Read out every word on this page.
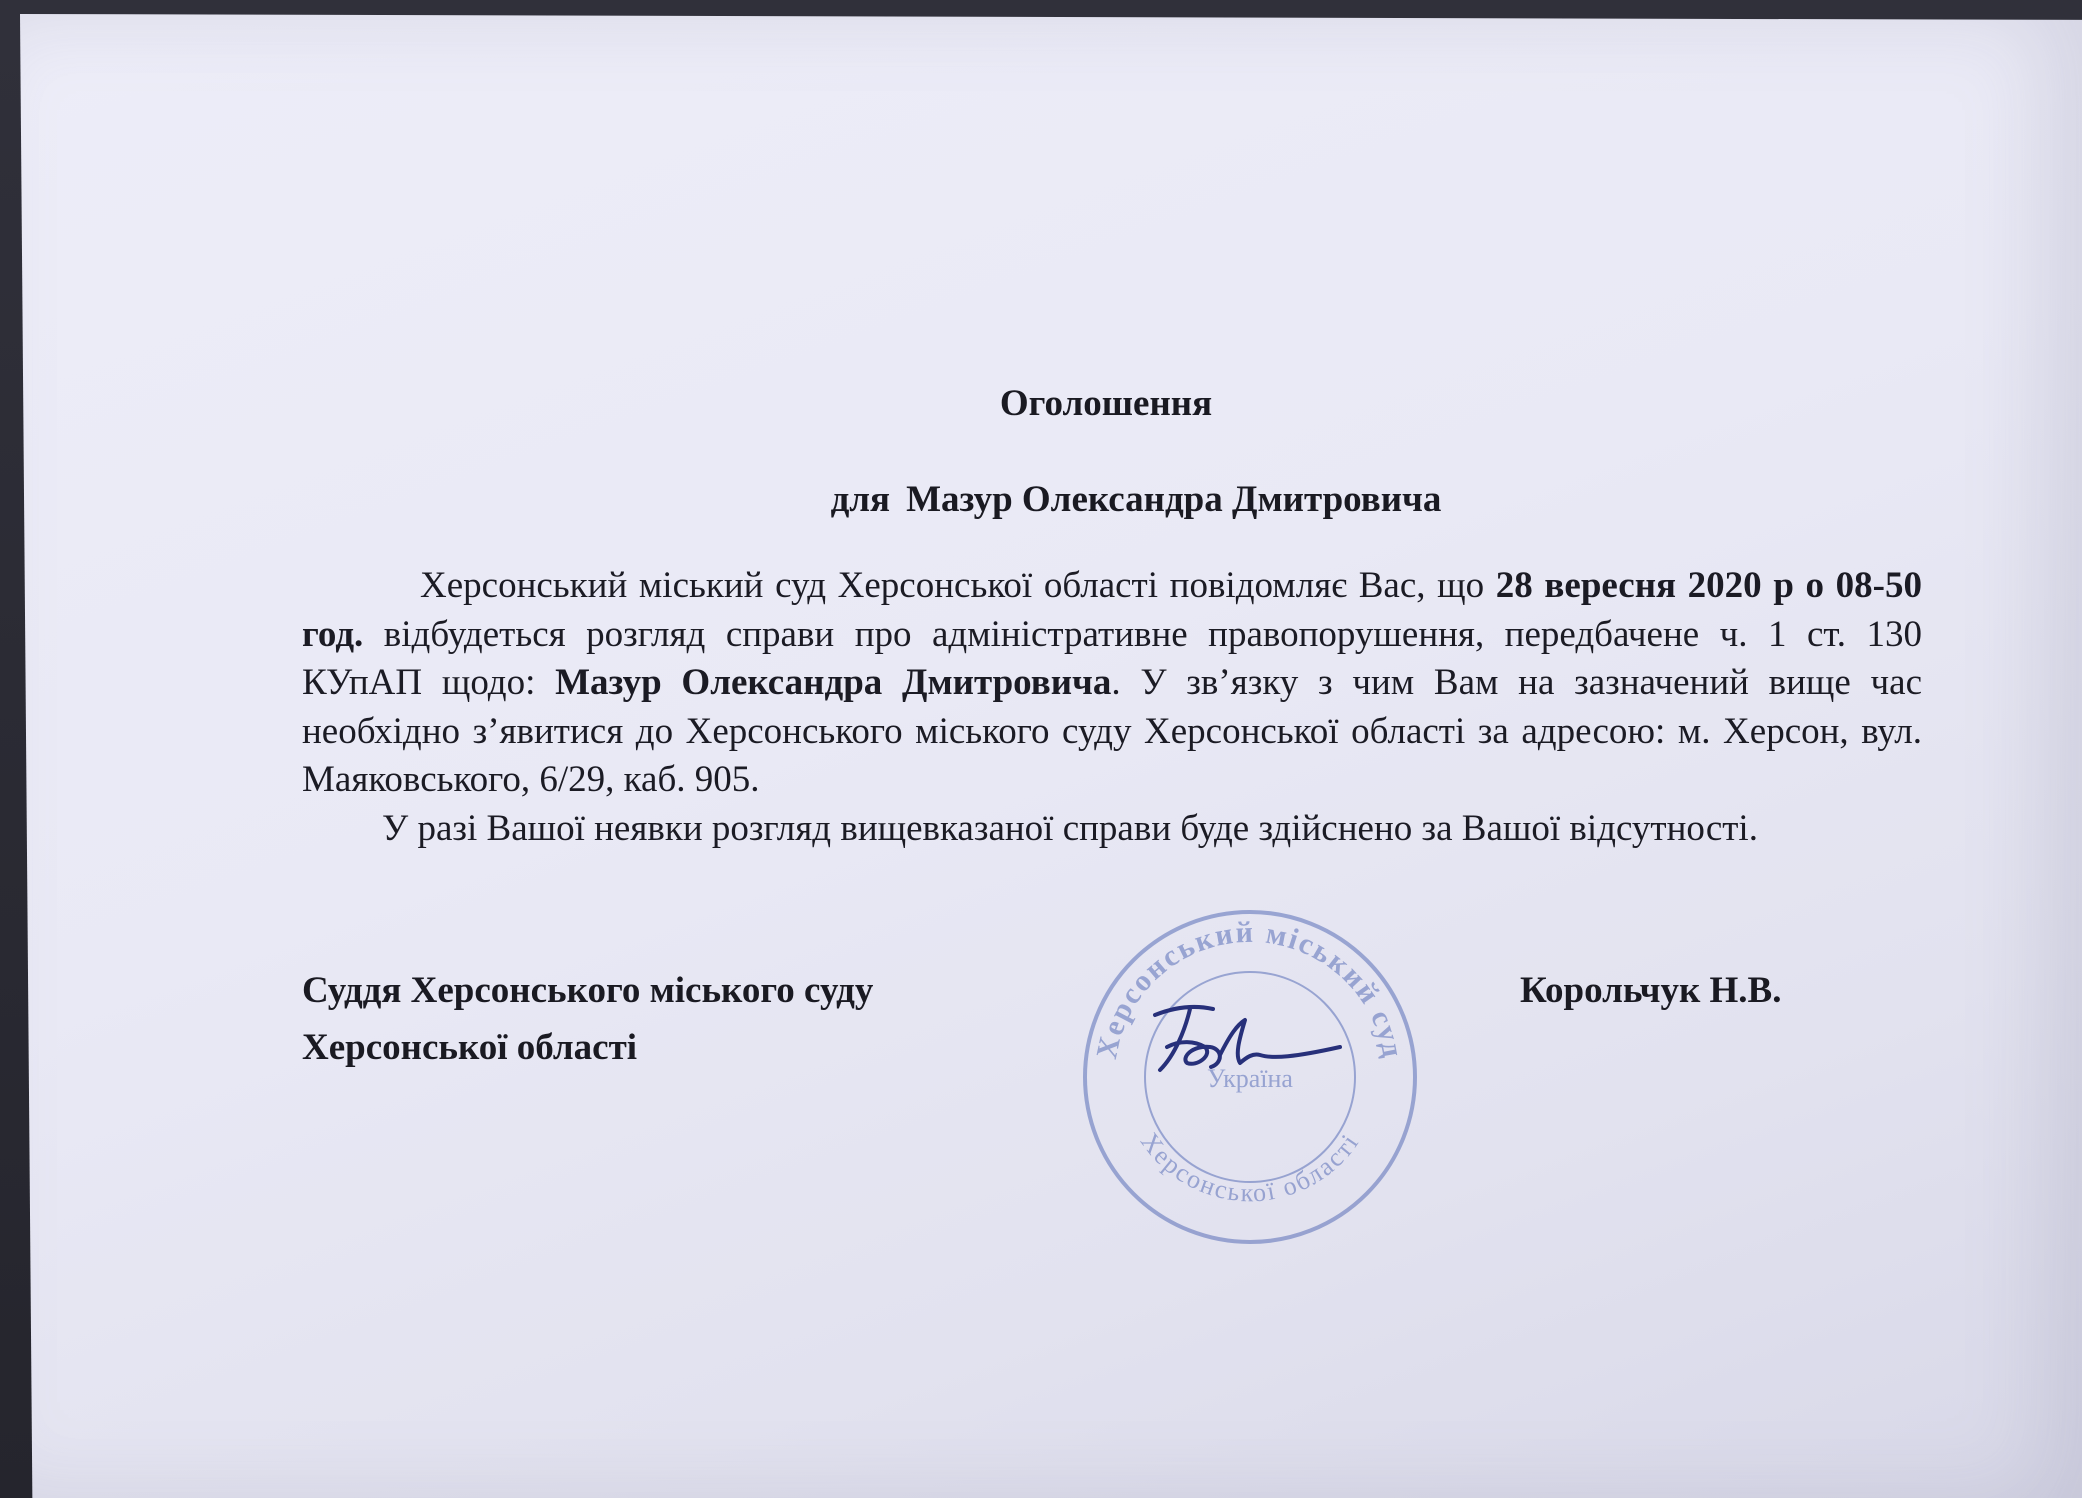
Оголошення
для Мазур Олександра Дмитровича

Херсонський міський суд Херсонської області повідомляє Вас, що 28 вересня 2020 р о 08-50 год. відбудеться розгляд справи про адміністративне правопорушення, передбачене ч. 1 ст. 130 КУпАП щодо: Мазур Олександра Дмитровича. У зв’язку з чим Вам на зазначений вище час необхідно з’явитися до Херсонського міського суду Херсонської області за адресою: м. Херсон, вул. Маяковського, 6/29, каб. 905.

У разі Вашої неявки розгляд вищевказаної справи буде здійснено за Вашої відсутності.

Херсонський міський суд
Херсонської області
Україна
Суддя Херсонського міського суду
Херсонської області
Корольчук Н.В.
